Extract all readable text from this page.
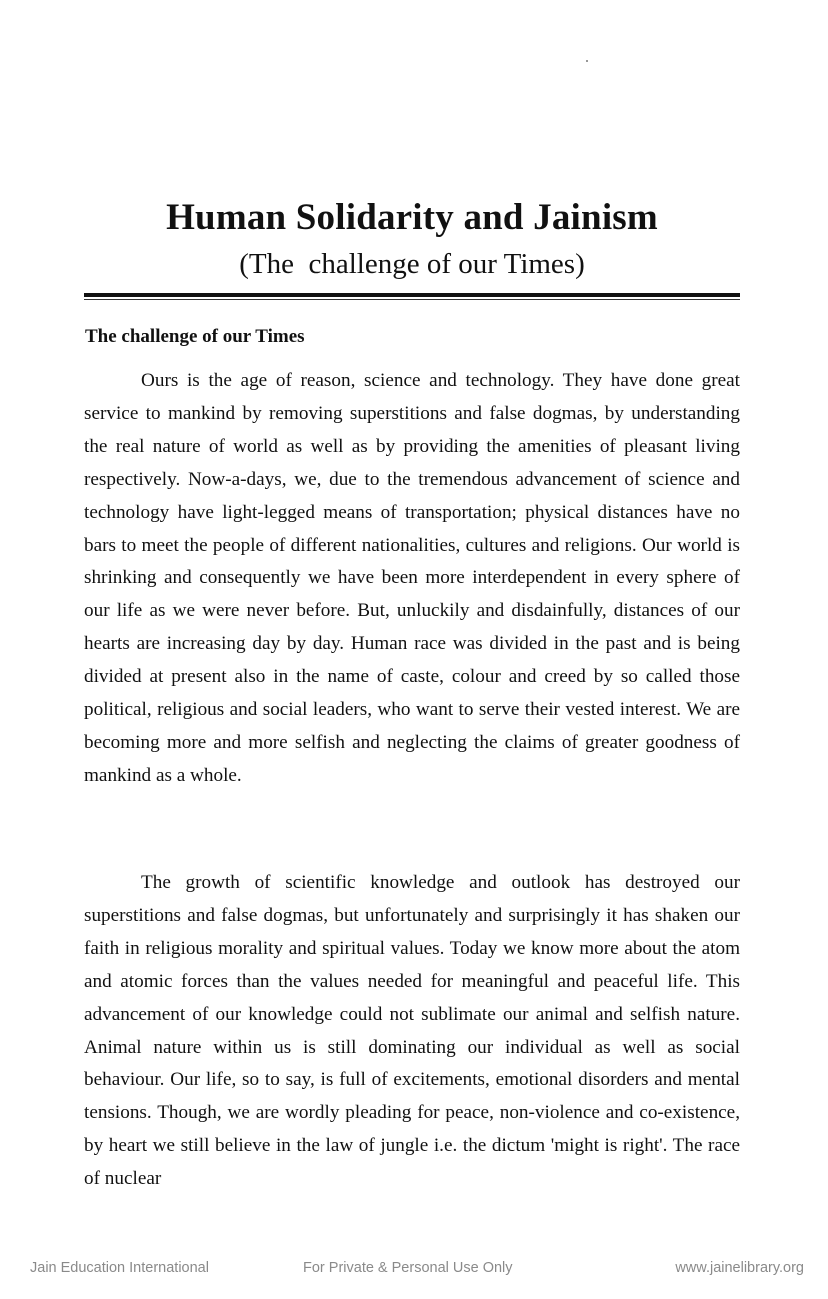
Human Solidarity and Jainism
(The  challenge of our Times)
The challenge of our Times

Ours is the age of reason, science and technology. They have done great service to mankind by removing superstitions and false dogmas, by understanding the real nature of world as well as by providing the amenities of pleasant living respectively. Now-a-days, we, due to the tremendous advancement of science and technology have light-legged means of transportation; physical distances have no bars to meet the people of different nationalities, cultures and religions. Our world is shrinking and consequently we have been more interdependent in every sphere of our life as we were never before. But, unluckily and disdainfully, distances of our hearts are increasing day by day. Human race was divided in the past and is being divided at present also in the name of caste, colour and creed by so called those political, religious and social leaders, who want to serve their vested interest. We are becoming more and more selfish and neglecting the claims of greater goodness of mankind as a whole.

The growth of scientific knowledge and outlook has destroyed our superstitions and false dogmas, but unfortunately and surprisingly it has shaken our faith in religious morality and spiritual values. Today we know more about the atom and atomic forces than the values needed for meaningful and peaceful life. This advancement of our knowledge could not sublimate our animal and selfish nature. Animal nature within us is still dominating our individual as well as social behaviour. Our life, so to say, is full of excitements, emotional disorders and mental tensions. Though, we are wordly pleading for peace, non-violence and co-existence, by heart we still believe in the law of jungle i.e. the dictum 'might is right'. The race of nuclear

Jain Education International	For Private & Personal Use Only	www.jainelibrary.org
